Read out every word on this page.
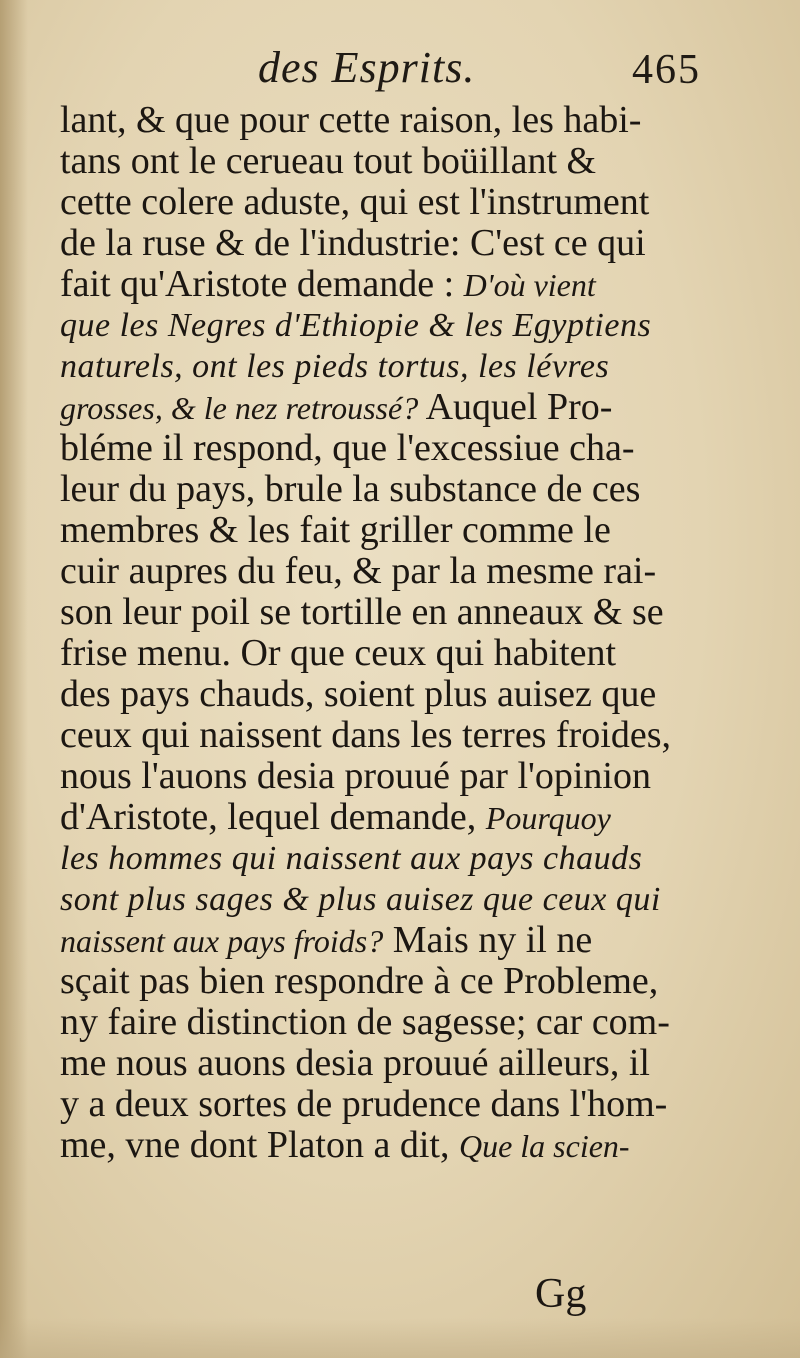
des Esprits.	465
lant, & que pour cette raison, les habi-
tans ont le cerueau tout boüillant &
cette colere aduste, qui est l'instrument
de la ruse & de l'industrie: C'est ce qui
fait qu'Aristote demande : D'où vient
que les Negres d'Ethiopie & les Egyptiens
naturels, ont les pieds tortus, les lévres
grosses, & le nez retroussé? Auquel Pro-
bléme il respond, que l'excessiue cha-
leur du pays, brule la substance de ces
membres & les fait griller comme le
cuir aupres du feu, & par la mesme rai-
son leur poil se tortille en anneaux & se
frise menu. Or que ceux qui habitent
des pays chauds, soient plus auisez que
ceux qui naissent dans les terres froides,
nous l'auons desia prouué par l'opinion
d'Aristote, lequel demande, Pourquoy
les hommes qui naissent aux pays chauds
sont plus sages & plus auisez que ceux qui
naissent aux pays froids? Mais ny il ne
sçait pas bien respondre à ce Probleme,
ny faire distinction de sagesse; car com-
me nous auons desia prouué ailleurs, il
y a deux sortes de prudence dans l'hom-
me, vne dont Platon a dit, Que la scien-
Gg
